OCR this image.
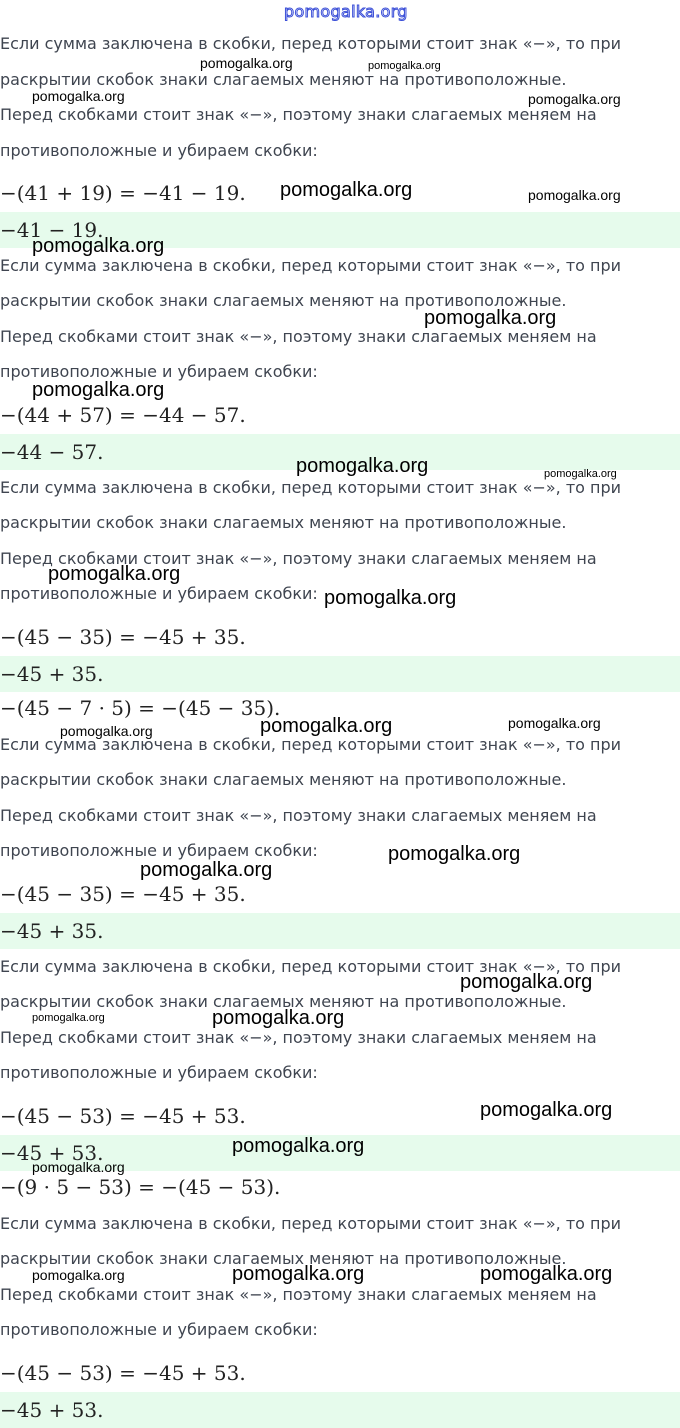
pomogalka.org
Если сумма заключена в скобки, перед которыми стоит знак «−», то при
раскрытии скобок знаки слагаемых меняют на противоположные.
Перед скобками стоит знак «−», поэтому знаки слагаемых меняем на
противоположные и убираем скобки:
−(41 + 19) = −41 − 19.
−41 − 19.
Если сумма заключена в скобки, перед которыми стоит знак «−», то при
раскрытии скобок знаки слагаемых меняют на противоположные.
Перед скобками стоит знак «−», поэтому знаки слагаемых меняем на
противоположные и убираем скобки:
−(44 + 57) = −44 − 57.
−44 − 57.
Если сумма заключена в скобки, перед которыми стоит знак «−», то при
раскрытии скобок знаки слагаемых меняют на противоположные.
Перед скобками стоит знак «−», поэтому знаки слагаемых меняем на
противоположные и убираем скобки:
−(45 − 35) = −45 + 35.
−45 + 35.
−(45 − 7 · 5) = −(45 − 35).
Если сумма заключена в скобки, перед которыми стоит знак «−», то при
раскрытии скобок знаки слагаемых меняют на противоположные.
Перед скобками стоит знак «−», поэтому знаки слагаемых меняем на
противоположные и убираем скобки:
−(45 − 35) = −45 + 35.
−45 + 35.
Если сумма заключена в скобки, перед которыми стоит знак «−», то при
раскрытии скобок знаки слагаемых меняют на противоположные.
Перед скобками стоит знак «−», поэтому знаки слагаемых меняем на
противоположные и убираем скобки:
−(45 − 53) = −45 + 53.
−45 + 53.
−(9 · 5 − 53) = −(45 − 53).
Если сумма заключена в скобки, перед которыми стоит знак «−», то при
раскрытии скобок знаки слагаемых меняют на противоположные.
Перед скобками стоит знак «−», поэтому знаки слагаемых меняем на
противоположные и убираем скобки:
−(45 − 53) = −45 + 53.
−45 + 53.
pomogalka.org	pomogalka.org
pomogalka.org	pomogalka.org
pomogalka.org	pomogalka.org
pomogalka.org
pomogalka.org
pomogalka.org
pomogalka.org	pomogalka.org
pomogalka.org
pomogalka.org
pomogalka.org	pomogalka.org	pomogalka.org
pomogalka.org
pomogalka.org
pomogalka.org
pomogalka.org	pomogalka.org
pomogalka.org
pomogalka.org
pomogalka.org
pomogalka.org	pomogalka.org	pomogalka.org
